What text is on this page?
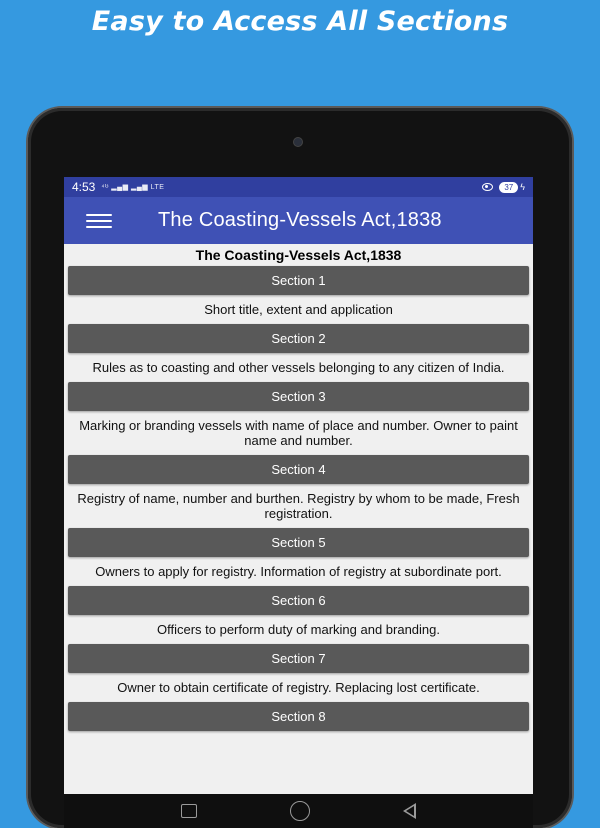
Easy to Access All Sections
4:53 ⁴ᴳ ▂▄▆ ▂▄▆ LTE	37 ϟ
The Coasting-Vessels Act,1838
The Coasting-Vessels Act,1838
Section 1
Short title, extent and application
Section 2
Rules as to coasting and other vessels belonging to any citizen of India.
Section 3
Marking or branding vessels with name of place and number. Owner to paint name and number.
Section 4
Registry of name, number and burthen. Registry by whom to be made, Fresh registration.
Section 5
Owners to apply for registry. Information of registry at subordinate port.
Section 6
Officers to perform duty of marking and branding.
Section 7
Owner to obtain certificate of registry. Replacing lost certificate.
Section 8
